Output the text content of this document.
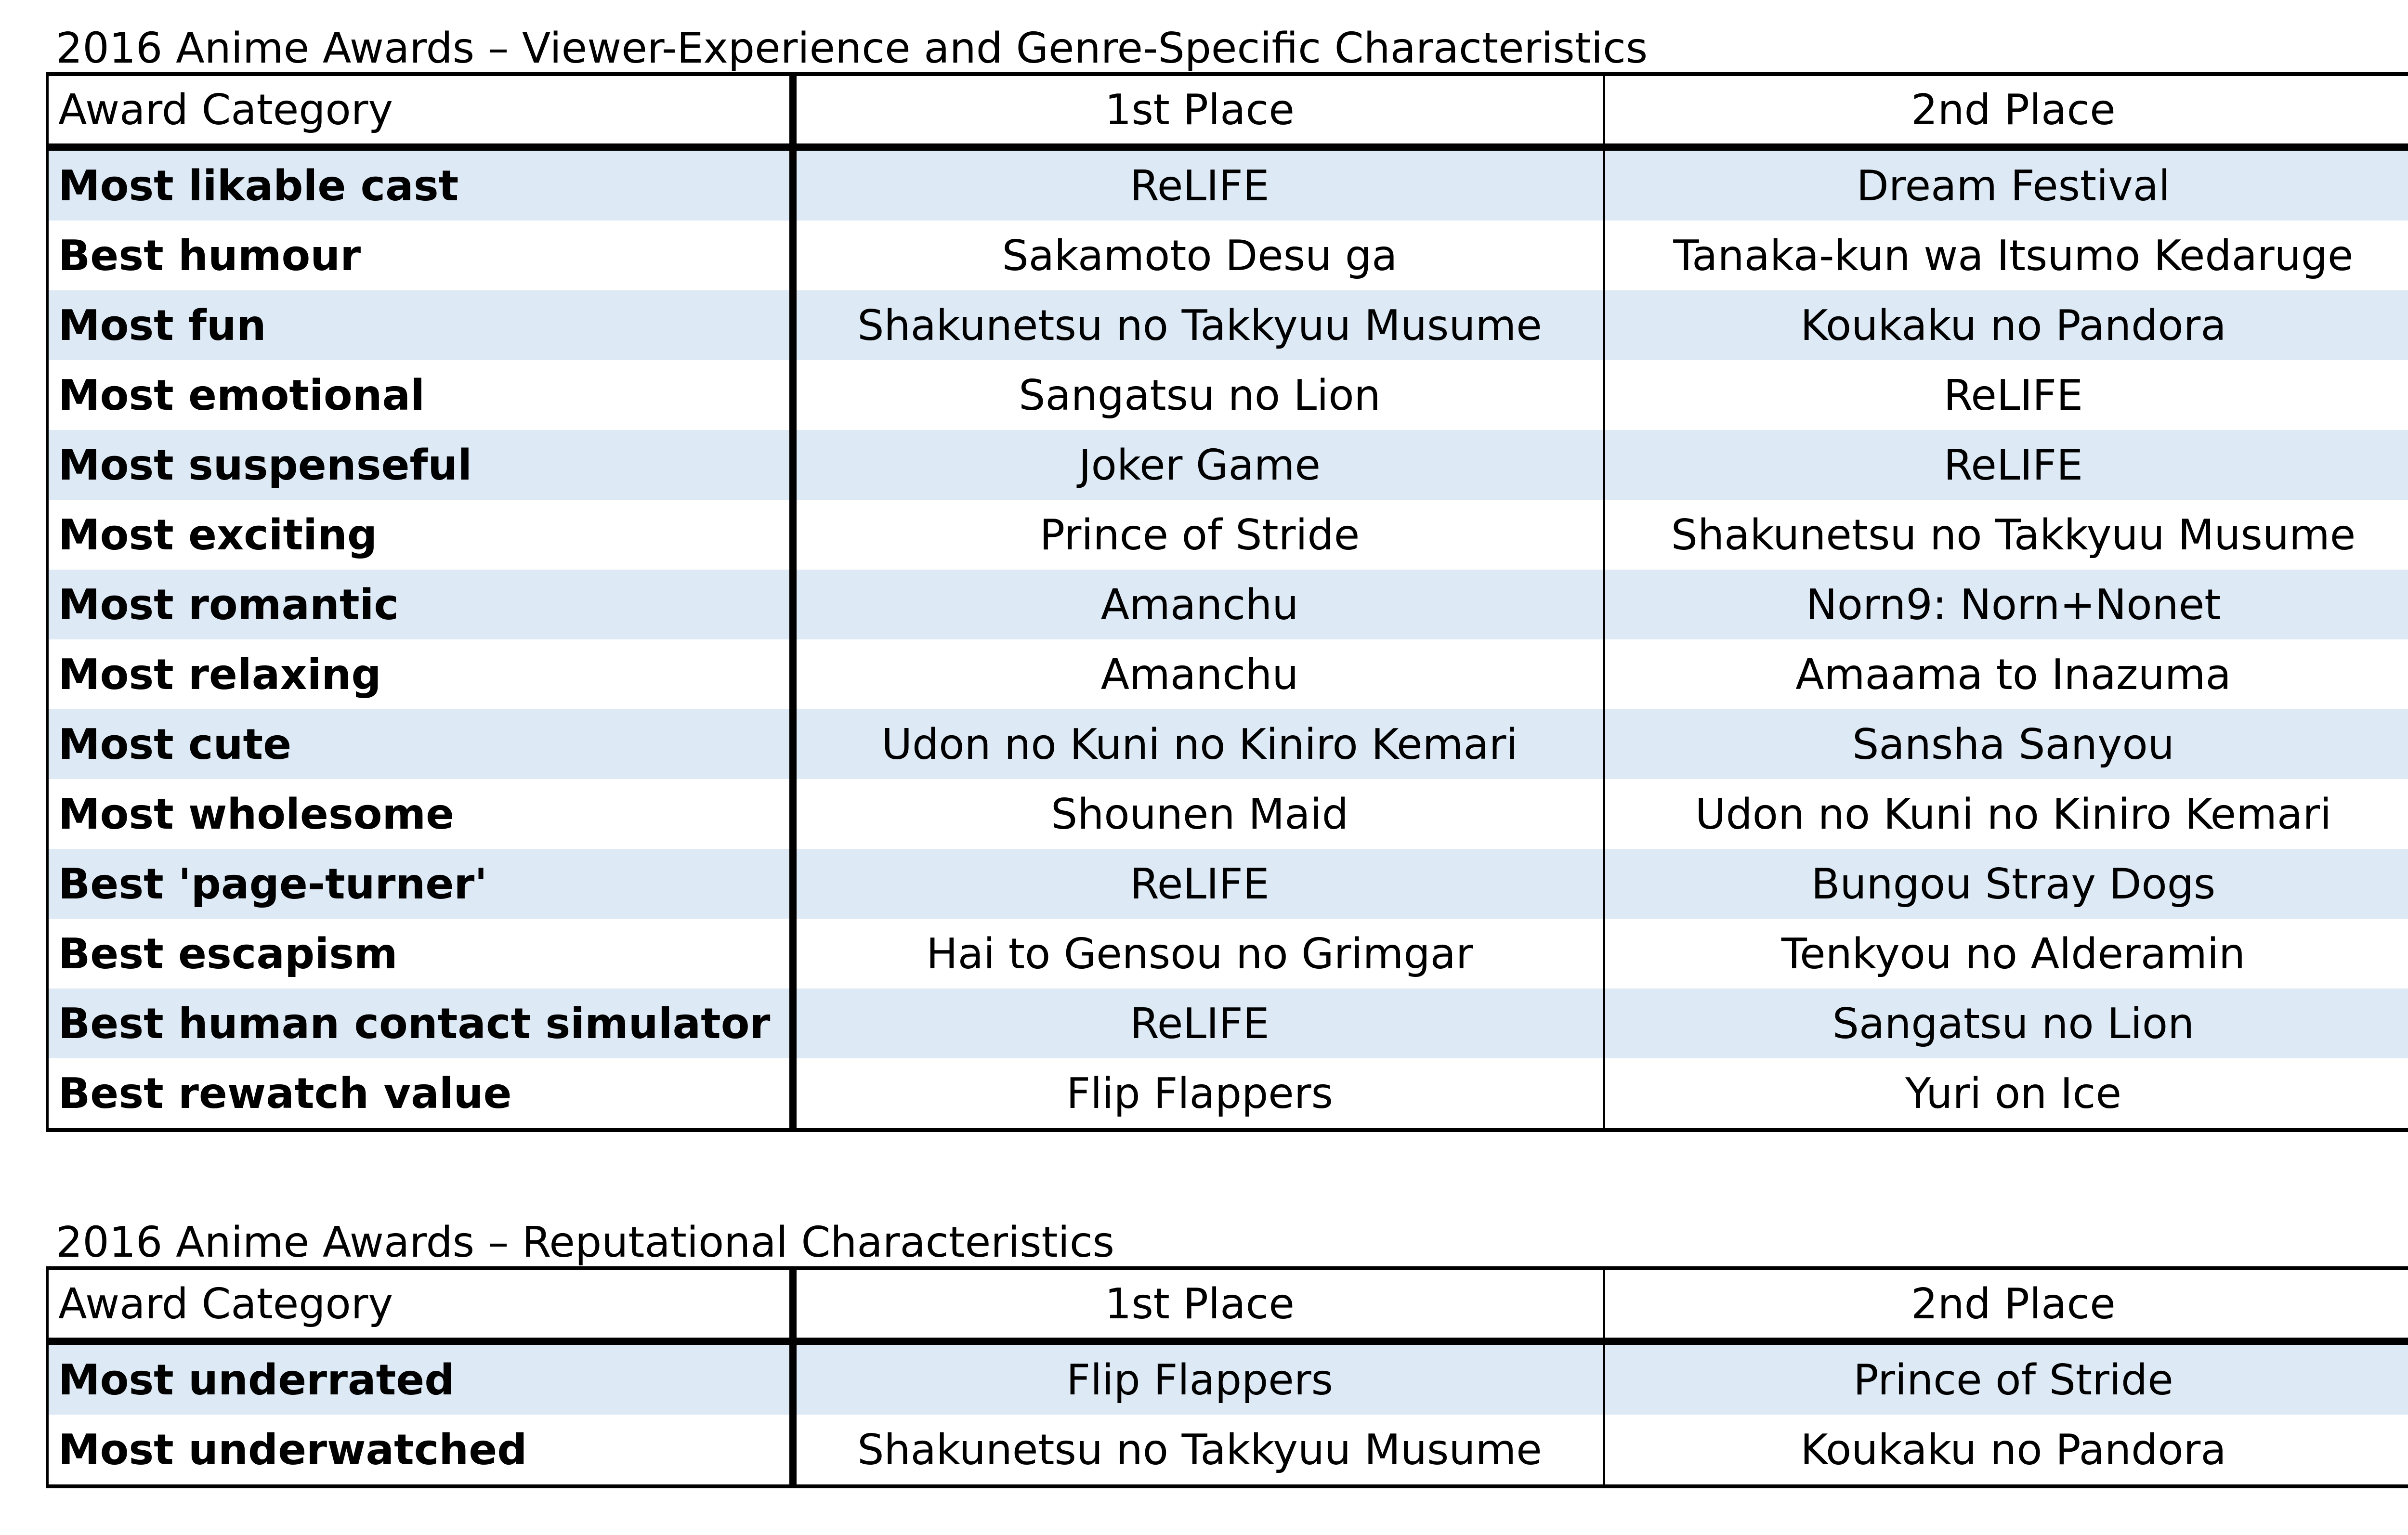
2016 Anime Awards – Viewer-Experience and Genre-Specific Characteristics
Award Category	1st Place	2nd Place	
Most likable cast	ReLIFE	Dream Festival	
Best humour	Sakamoto Desu ga	Tanaka-kun wa Itsumo Kedaruge	
Most fun	Shakunetsu no Takkyuu Musume	Koukaku no Pandora	
Most emotional	Sangatsu no Lion	ReLIFE	
Most suspenseful	Joker Game	ReLIFE	
Most exciting	Prince of Stride	Shakunetsu no Takkyuu Musume	
Most romantic	Amanchu	Norn9: Norn+Nonet	
Most relaxing	Amanchu	Amaama to Inazuma	
Most cute	Udon no Kuni no Kiniro Kemari	Sansha Sanyou	
Most wholesome	Shounen Maid	Udon no Kuni no Kiniro Kemari	
Best 'page-turner'	ReLIFE	Bungou Stray Dogs	
Best escapism	Hai to Gensou no Grimgar	Tenkyou no Alderamin	
Best human contact simulator	ReLIFE	Sangatsu no Lion	
Best rewatch value	Flip Flappers	Yuri on Ice	
2016 Anime Awards – Reputational Characteristics
Award Category	1st Place	2nd Place	
Most underrated	Flip Flappers	Prince of Stride	
Most underwatched	Shakunetsu no Takkyuu Musume	Koukaku no Pandora	
